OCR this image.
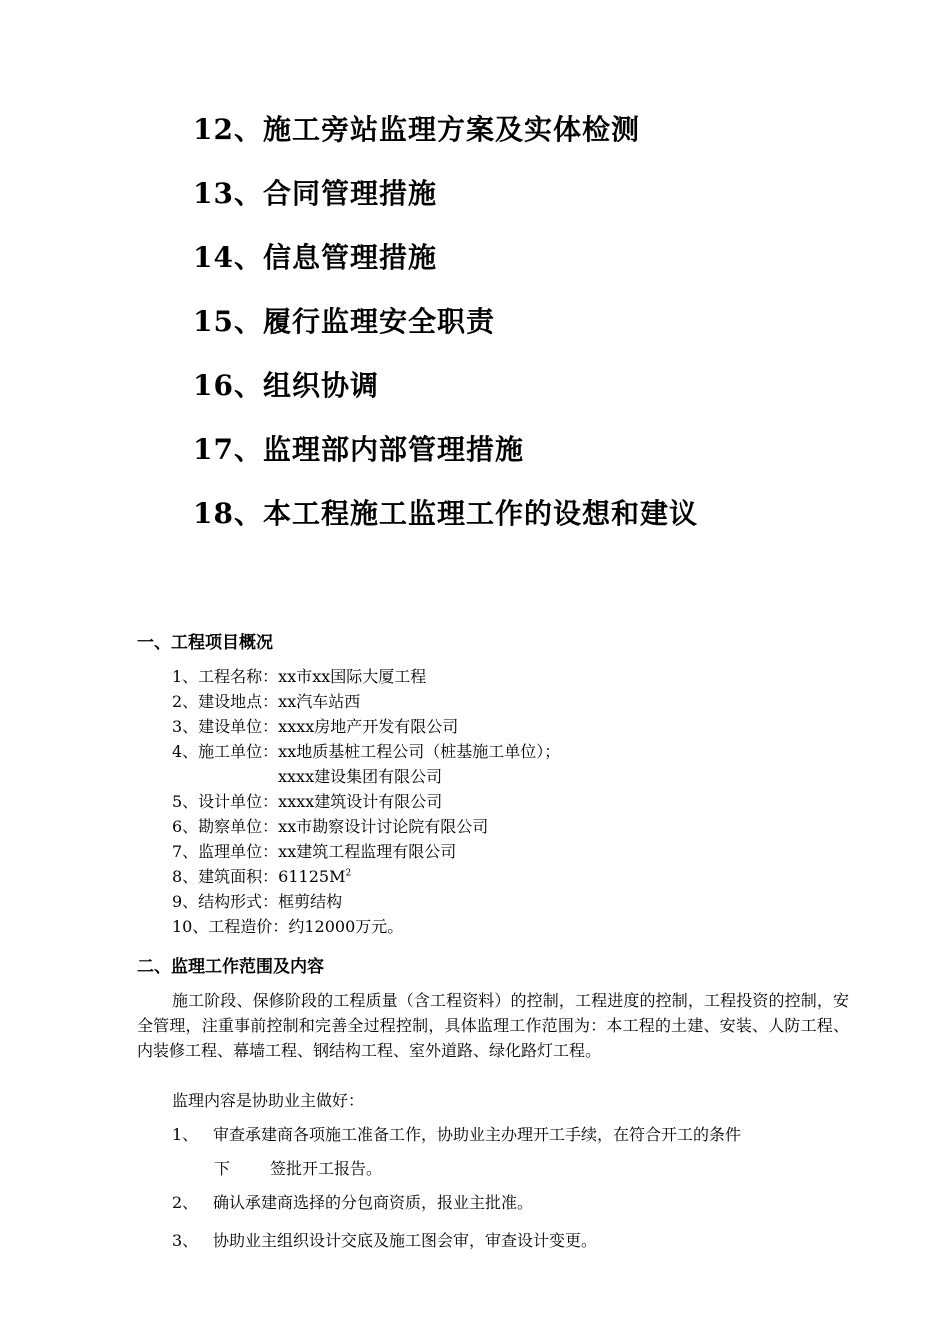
12、施工旁站监理方案及实体检测
13、合同管理措施
14、信息管理措施
15、履行监理安全职责
16、组织协调
17、监理部内部管理措施
18、本工程施工监理工作的设想和建议
一、工程项目概况
1、工程名称：xx市xx国际大厦工程
2、建设地点：xx汽车站西
3、建设单位：xxxx房地产开发有限公司
4、施工单位：xx地质基桩工程公司（桩基施工单位）；
xxxx建设集团有限公司
5、设计单位：xxxx建筑设计有限公司
6、勘察单位：xx市勘察设计讨论院有限公司
7、监理单位：xx建筑工程监理有限公司
8、建筑面积：$61125M^2$
9、结构形式：框剪结构
10、工程造价：约12000万元。
二、监理工作范围及内容
施工阶段、保修阶段的工程质量（含工程资料）的控制，工程进度的控制，工程投资的控制，安全管理，注重事前控制和完善全过程控制，具体监理工作范围为：本工程的土建、安装、人防工程、内装修工程、幕墙工程、钢结构工程、室外道路、绿化路灯工程。
监理内容是协助业主做好：
1、 审查承建商各项施工准备工作，协助业主办理开工手续，在符合开工的条件
下 签批开工报告。
2、 确认承建商选择的分包商资质，报业主批准。
3、 协助业主组织设计交底及施工图会审，审查设计变更。
